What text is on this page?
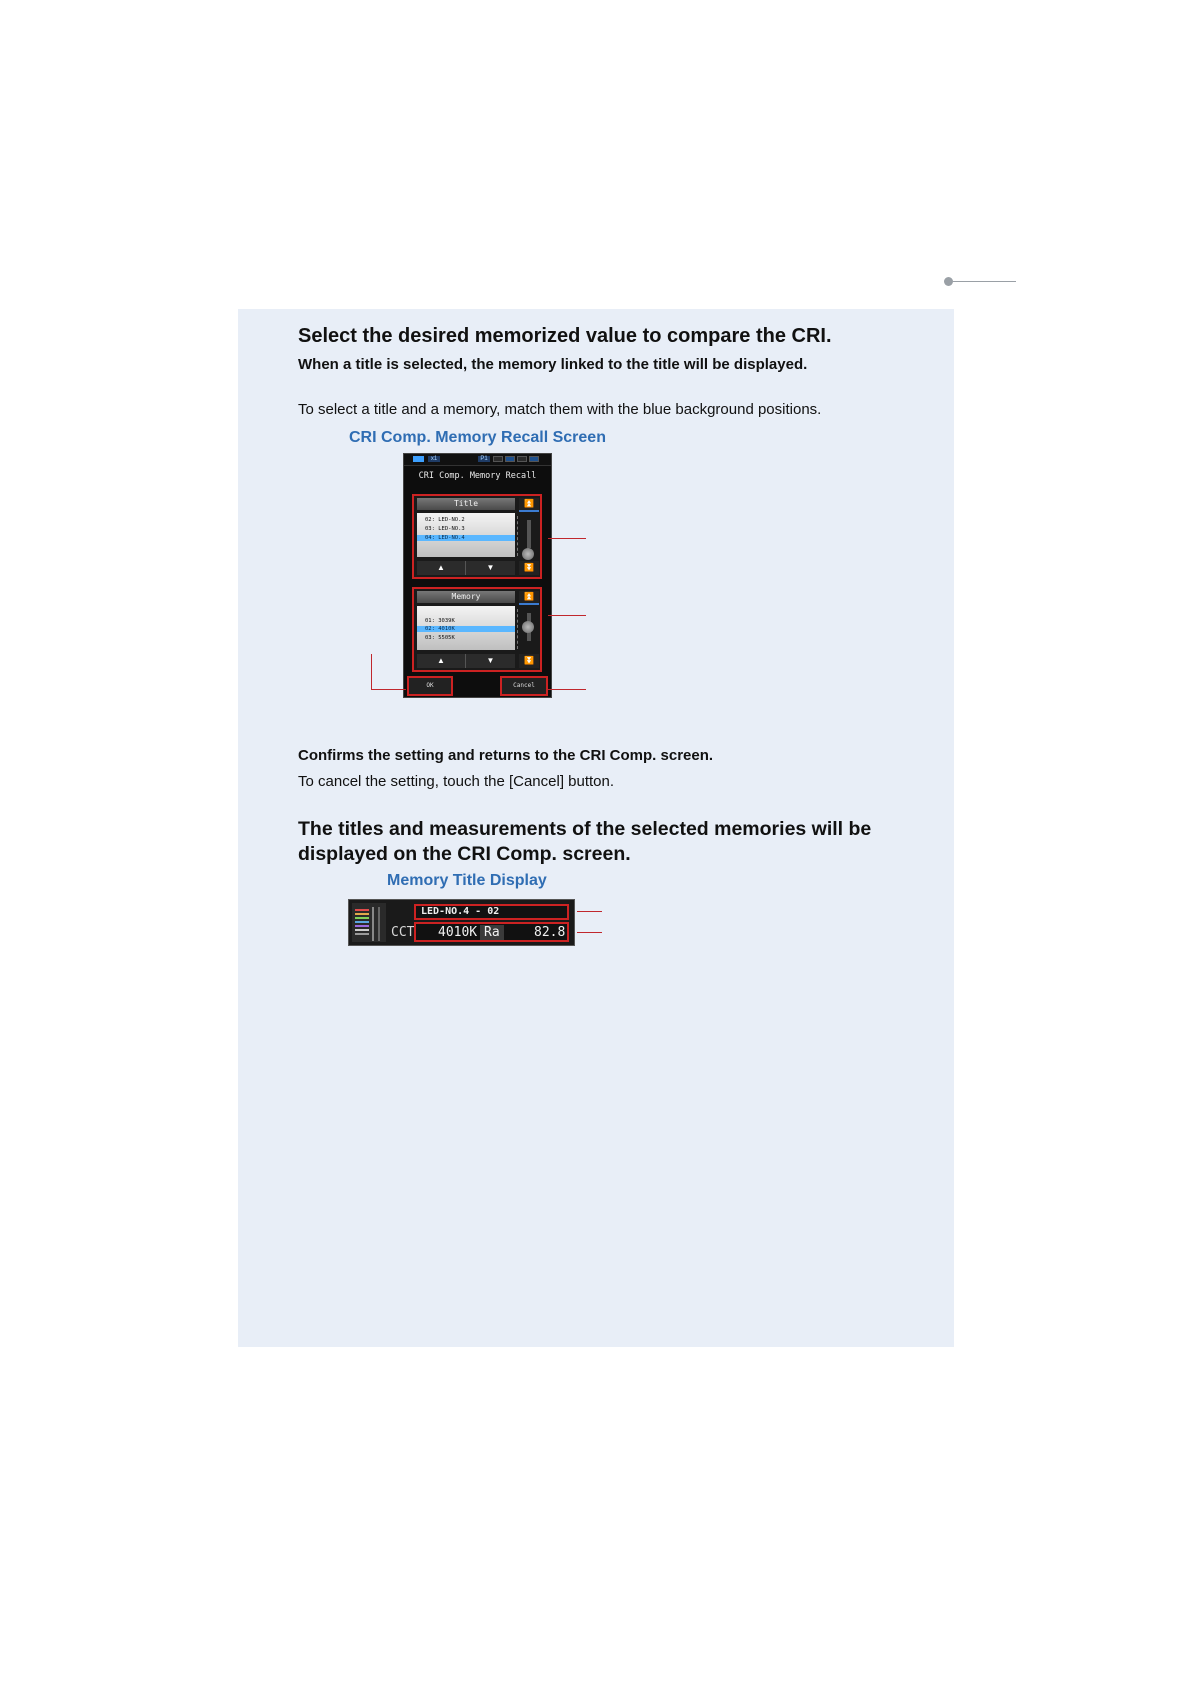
Select the desired memorized value to compare the CRI.
When a title is selected, the memory linked to the title will be displayed.
To select a title and a memory, match them with the blue background positions.
CRI Comp. Memory Recall Screen
x1	P1
CRI Comp. Memory Recall
Title
02: LED-NO.2
03: LED-NO.3
04: LED-NO.4
⏫
⏬
▲	▼
Memory
01: 3039K
02: 4010K
03: 5505K
⏫
⏬
▲	▼
OK	Cancel
Confirms the setting and returns to the CRI Comp. screen.
To cancel the setting, touch the [Cancel] button.
The titles and measurements of the selected memories will be displayed on the CRI Comp. screen.
Memory Title Display
LED-NO.4 - 02
CCT 4010K Ra	82.8
